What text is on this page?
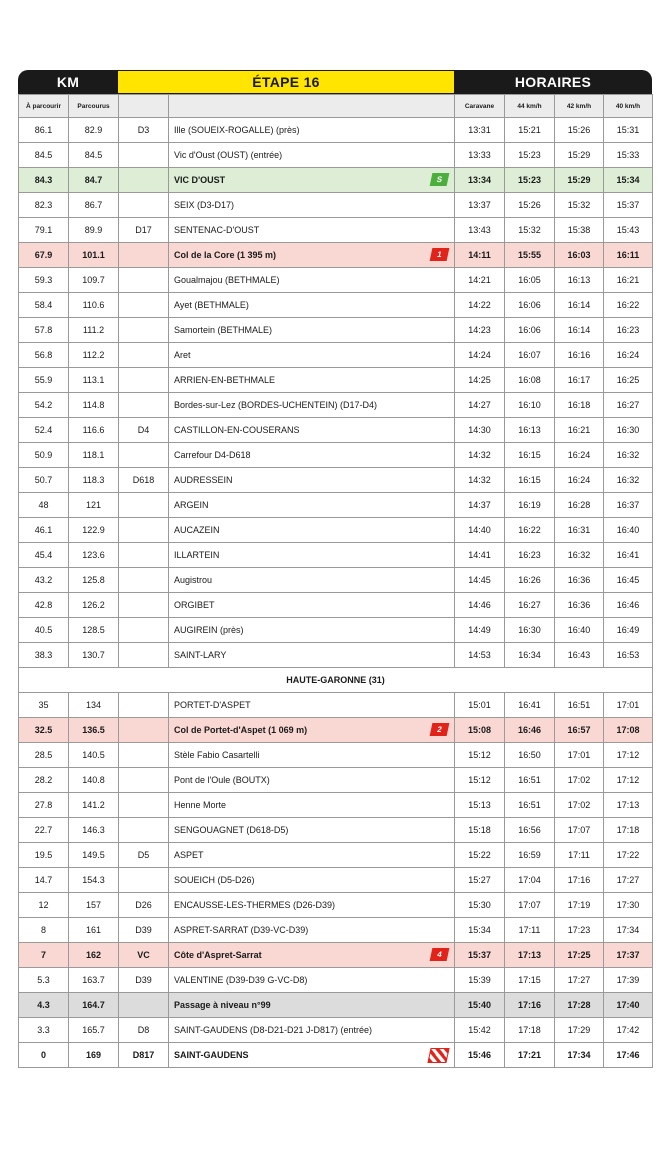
KM	ÉTAPE 16	HORAIRES
À parcourir	Parcourus			Caravane	44 km/h	42 km/h	40 km/h
86.1	82.9	D3	Ille (SOUEIX-ROGALLE) (près)	13:31	15:21	15:26	15:31
84.5	84.5		Vic d'Oust (OUST) (entrée)	13:33	15:23	15:29	15:33
84.3	84.7		VIC D'OUST S	13:34	15:23	15:29	15:34
82.3	86.7		SEIX (D3-D17)	13:37	15:26	15:32	15:37
79.1	89.9	D17	SENTENAC-D'OUST	13:43	15:32	15:38	15:43
67.9	101.1		Col de la Core (1 395 m) 1	14:11	15:55	16:03	16:11
59.3	109.7		Goualmajou (BETHMALE)	14:21	16:05	16:13	16:21
58.4	110.6		Ayet (BETHMALE)	14:22	16:06	16:14	16:22
57.8	111.2		Samortein (BETHMALE)	14:23	16:06	16:14	16:23
56.8	112.2		Aret	14:24	16:07	16:16	16:24
55.9	113.1		ARRIEN-EN-BETHMALE	14:25	16:08	16:17	16:25
54.2	114.8		Bordes-sur-Lez (BORDES-UCHENTEIN) (D17-D4)	14:27	16:10	16:18	16:27
52.4	116.6	D4	CASTILLON-EN-COUSERANS	14:30	16:13	16:21	16:30
50.9	118.1		Carrefour D4-D618	14:32	16:15	16:24	16:32
50.7	118.3	D618	AUDRESSEIN	14:32	16:15	16:24	16:32
48	121		ARGEIN	14:37	16:19	16:28	16:37
46.1	122.9		AUCAZEIN	14:40	16:22	16:31	16:40
45.4	123.6		ILLARTEIN	14:41	16:23	16:32	16:41
43.2	125.8		Augistrou	14:45	16:26	16:36	16:45
42.8	126.2		ORGIBET	14:46	16:27	16:36	16:46
40.5	128.5		AUGIREIN (près)	14:49	16:30	16:40	16:49
38.3	130.7		SAINT-LARY	14:53	16:34	16:43	16:53
HAUTE-GARONNE (31)							
35	134		PORTET-D'ASPET	15:01	16:41	16:51	17:01
32.5	136.5		Col de Portet-d'Aspet (1 069 m) 2	15:08	16:46	16:57	17:08
28.5	140.5		Stèle Fabio Casartelli	15:12	16:50	17:01	17:12
28.2	140.8		Pont de l'Oule (BOUTX)	15:12	16:51	17:02	17:12
27.8	141.2		Henne Morte	15:13	16:51	17:02	17:13
22.7	146.3		SENGOUAGNET (D618-D5)	15:18	16:56	17:07	17:18
19.5	149.5	D5	ASPET	15:22	16:59	17:11	17:22
14.7	154.3		SOUEICH (D5-D26)	15:27	17:04	17:16	17:27
12	157	D26	ENCAUSSE-LES-THERMES (D26-D39)	15:30	17:07	17:19	17:30
8	161	D39	ASPRET-SARRAT (D39-VC-D39)	15:34	17:11	17:23	17:34
7	162	VC	Côte d'Aspret-Sarrat 4	15:37	17:13	17:25	17:37
5.3	163.7	D39	VALENTINE (D39-D39 G-VC-D8)	15:39	17:15	17:27	17:39
4.3	164.7		Passage à niveau n°99	15:40	17:16	17:28	17:40
3.3	165.7	D8	SAINT-GAUDENS (D8-D21-D21 J-D817) (entrée)	15:42	17:18	17:29	17:42
0	169	D817	SAINT-GAUDENS	15:46	17:21	17:34	17:46
